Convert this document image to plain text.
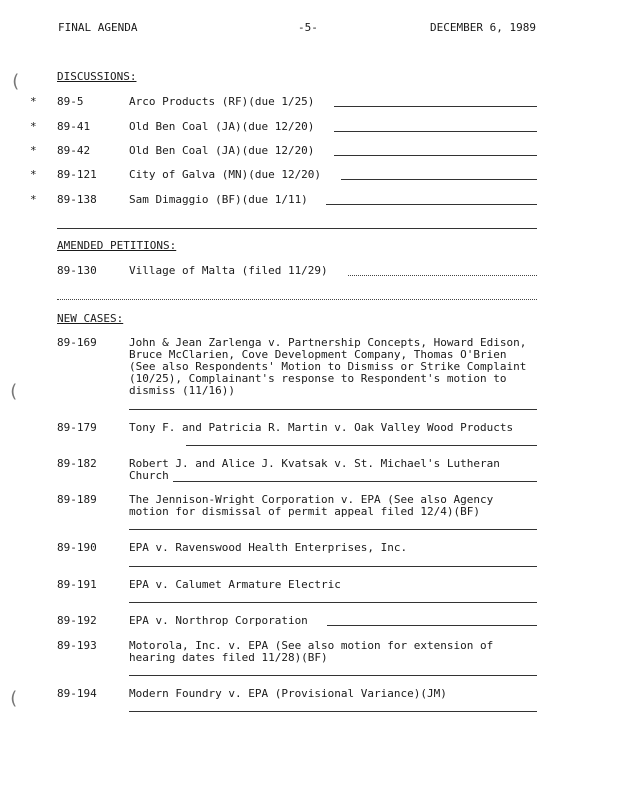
FINAL AGENDA	-5-	DECEMBER 6, 1989
(
(
(
DISCUSSIONS:
* 89-5	Arco Products (RF)(due 1/25)
* 89-41	Old Ben Coal (JA)(due 12/20)
* 89-42	Old Ben Coal (JA)(due 12/20)
* 89-121	City of Galva (MN)(due 12/20)
* 89-138	Sam Dimaggio (BF)(due 1/11)
AMENDED PETITIONS:
89-130	Village of Malta (filed 11/29)
NEW CASES:
89-169	John & Jean Zarlenga v. Partnership Concepts, Howard Edison, Bruce McClarien, Cove Development Company, Thomas O'Brien (See also Respondents' Motion to Dismiss or Strike Complaint (10/25), Complainant's response to Respondent's motion to dismiss (11/16))
89-179	Tony F. and Patricia R. Martin v. Oak Valley Wood Products
89-182	Robert J. and Alice J. Kvatsak v. St. Michael's Lutheran Church
89-189	The Jennison-Wright Corporation v. EPA (See also Agency motion for dismissal of permit appeal filed 12/4)(BF)
89-190	EPA v. Ravenswood Health Enterprises, Inc.
89-191	EPA v. Calumet Armature Electric
89-192	EPA v. Northrop Corporation
89-193	Motorola, Inc. v. EPA (See also motion for extension of hearing dates filed 11/28)(BF)
89-194	Modern Foundry v. EPA (Provisional Variance)(JM)
